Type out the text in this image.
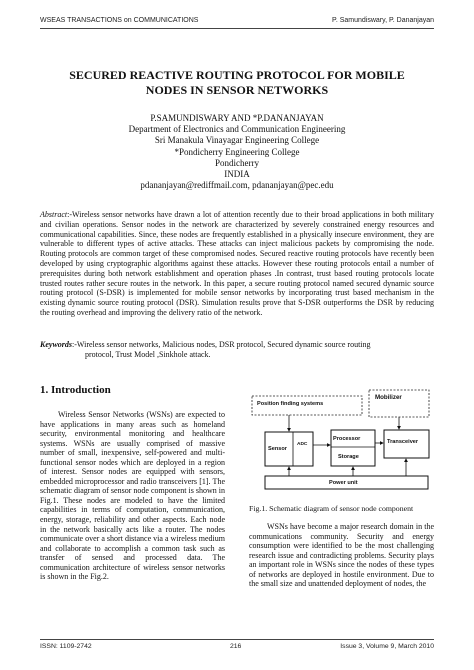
WSEAS TRANSACTIONS on COMMUNICATIONS	P. Samundiswary, P. Dananjayan
SECURED REACTIVE ROUTING PROTOCOL FOR MOBILE
NODES IN SENSOR NETWORKS
P.SAMUNDISWARY AND *P.DANANJAYAN
Department of Electronics and Communication Engineering
Sri Manakula Vinayagar Engineering College
*Pondicherry Engineering College
Pondicherry
INDIA
pdananjayan@rediffmail.com, pdananjayan@pec.edu
Abstract:-Wireless sensor networks have drawn a lot of attention recently due to their broad applications in both military and civilian operations. Sensor nodes in the network are characterized by severely constrained energy resources and communicational capabilities. Since, these nodes are frequently established in a physically insecure environment, they are vulnerable to different types of active attacks. These attacks can inject malicious packets by compromising the node. Routing protocols are common target of these compromised nodes. Secured reactive routing protocols have recently been developed by using cryptographic algorithms against these attacks. However these routing protocols entail a number of prerequisites during both network establishment and operation phases .In contrast, trust based routing protocols locate trusted routes rather secure routes in the network. In this paper, a secure routing protocol named secured dynamic source routing protocol (S-DSR) is implemented for mobile sensor networks by incorporating trust based mechanism in the existing dynamic source routing protocol (DSR). Simulation results prove that S-DSR outperforms the DSR by reducing the routing overhead and improving the delivery ratio of the network.
Keywords:-Wireless sensor networks, Malicious nodes, DSR protocol, Secured dynamic source routing
protocol, Trust Model ,Sinkhole attack.
1. Introduction
Wireless Sensor Networks (WSNs) are expected to have applications in many areas such as homeland security, environmental monitoring and healthcare systems. WSNs are usually comprised of massive number of small, inexpensive, self-powered and multi-functional sensor nodes which are deployed in a region of interest. Sensor nodes are equipped with sensors, embedded microprocessor and radio transceivers [1]. The schematic diagram of sensor node component is shown in Fig.1. These nodes are modeled to have the limited capabilities in terms of computation, communication, energy, storage, reliability and other aspects. Each node in the network basically acts like a router. The nodes communicate over a short distance via a wireless medium and collaborate to accomplish a common task such as transfer of sensed and processed data. The communication architecture of wireless sensor networks is shown in the Fig.2.
Mobilizer
Position finding systems
Sensor
ADC
Processor
Storage
Transceiver
Power unit
Fig.1. Schematic diagram of sensor node component
WSNs have become a major research domain in the communications community. Security and energy consumption were identified to be the most challenging research issue and contradicting problems. Security plays an important role in WSNs since the nodes of these types of networks are deployed in hostile environment. Due to the small size and unattended deployment of nodes, the
ISSN: 1109-2742	216	Issue 3, Volume 9, March 2010
